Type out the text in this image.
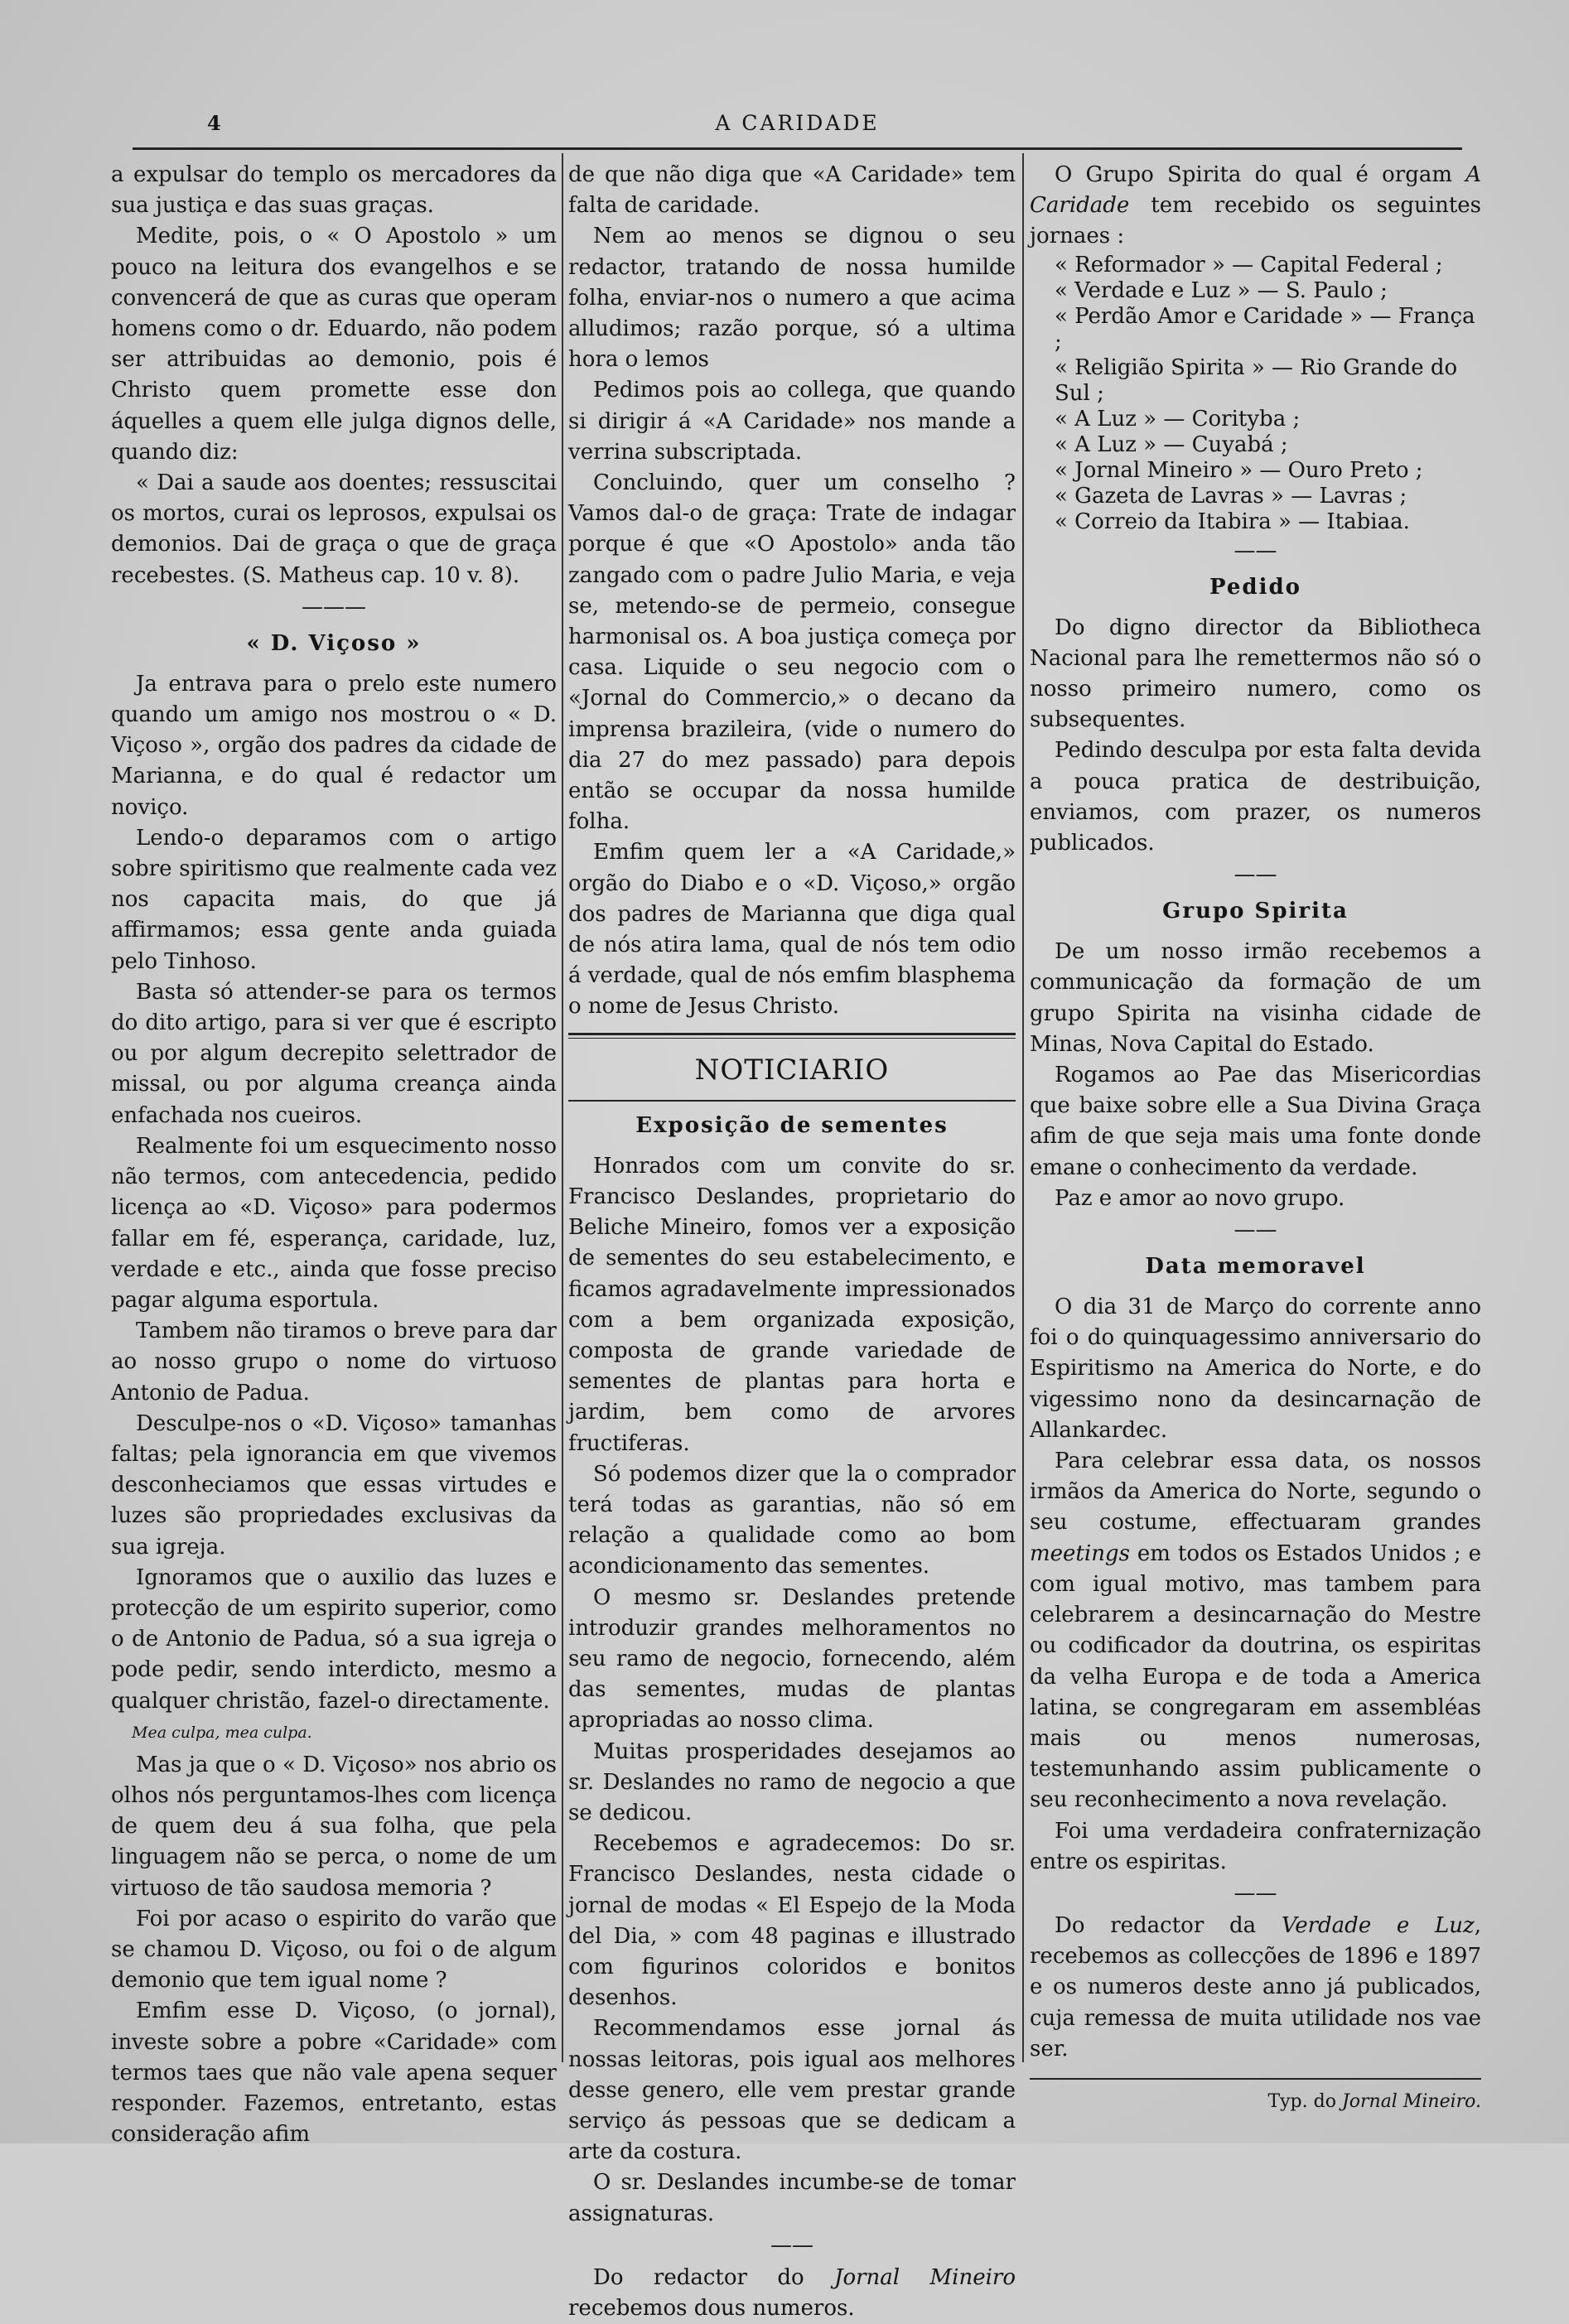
4	A CARIDADE

a expulsar do templo os mercadores da sua justiça e das suas graças.

Medite, pois, o « O Apostolo » um pouco na leitura dos evangelhos e se convencerá de que as curas que operam homens como o dr. Eduardo, não podem ser attribuidas ao demonio, pois é Christo quem promette esse don áquelles a quem elle julga dignos delle, quando diz:

« Dai a saude aos doentes; ressuscitai os mortos, curai os leprosos, expulsai os demonios. Dai de graça o que de graça recebestes. (S. Matheus cap. 10 v. 8).

———
« D. Viçoso »

Ja entrava para o prelo este numero quando um amigo nos mostrou o « D. Viçoso », orgão dos padres da cidade de Marianna, e do qual é redactor um noviço.

Lendo-o deparamos com o artigo sobre spiritismo que realmente cada vez nos capacita mais, do que já affirmamos; essa gente anda guiada pelo Tinhoso.

Basta só attender-se para os termos do dito artigo, para si ver que é escripto ou por algum decrepito selettrador de missal, ou por alguma creança ainda enfachada nos cueiros.

Realmente foi um esquecimento nosso não termos, com antecedencia, pedido licença ao «D. Viçoso» para podermos fallar em fé, esperança, caridade, luz, verdade e etc., ainda que fosse preciso pagar alguma esportula.

Tambem não tiramos o breve para dar ao nosso grupo o nome do virtuoso Antonio de Padua.

Desculpe-nos o «D. Viçoso» tamanhas faltas; pela ignorancia em que vivemos desconheciamos que essas virtudes e luzes são propriedades exclusivas da sua igreja.

Ignoramos que o auxilio das luzes e protecção de um espirito superior, como o de Antonio de Padua, só a sua igreja o pode pedir, sendo interdicto, mesmo a qualquer christão, fazel-o directamente.

Mea culpa, mea culpa.

Mas ja que o « D. Viçoso» nos abrio os olhos nós perguntamos-lhes com licença de quem deu á sua folha, que pela linguagem não se perca, o nome de um virtuoso de tão saudosa memoria ?

Foi por acaso o espirito do varão que se chamou D. Viçoso, ou foi o de algum demonio que tem igual nome ?

Emfim esse D. Viçoso, (o jornal), investe sobre a pobre «Caridade» com termos taes que não vale apena sequer responder. Fazemos, entretanto, estas consideração afim

de que não diga que «A Caridade» tem falta de caridade.

Nem ao menos se dignou o seu redactor, tratando de nossa humilde folha, enviar-nos o numero a que acima alludimos; razão porque, só a ultima hora o lemos

Pedimos pois ao collega, que quando si dirigir á «A Caridade» nos mande a verrina subscriptada.

Concluindo, quer um conselho ? Vamos dal-o de graça: Trate de indagar porque é que «O Apostolo» anda tão zangado com o padre Julio Maria, e veja se, metendo-se de permeio, consegue harmonisal os. A boa justiça começa por casa. Liquide o seu negocio com o «Jornal do Commercio,» o decano da imprensa brazileira, (vide o numero do dia 27 do mez passado) para depois então se occupar da nossa humilde folha.

Emfim quem ler a «A Caridade,» orgão do Diabo e o «D. Viçoso,» orgão dos padres de Marianna que diga qual de nós atira lama, qual de nós tem odio á verdade, qual de nós emfim blasphema o nome de Jesus Christo.

NOTICIARIO
Exposição de sementes

Honrados com um convite do sr. Francisco Deslandes, proprietario do Beliche Mineiro, fomos ver a exposição de sementes do seu estabelecimento, e ficamos agradavelmente impressionados com a bem organizada exposição, composta de grande variedade de sementes de plantas para horta e jardim, bem como de arvores fructiferas.

Só podemos dizer que la o comprador terá todas as garantias, não só em relação a qualidade como ao bom acondicionamento das sementes.

O mesmo sr. Deslandes pretende introduzir grandes melhoramentos no seu ramo de negocio, fornecendo, além das sementes, mudas de plantas apropriadas ao nosso clima.

Muitas prosperidades desejamos ao sr. Deslandes no ramo de negocio a que se dedicou.

Recebemos e agradecemos: Do sr. Francisco Deslandes, nesta cidade o jornal de modas « El Espejo de la Moda del Dia, » com 48 paginas e illustrado com figurinos coloridos e bonitos desenhos.

Recommendamos esse jornal ás nossas leitoras, pois igual aos melhores desse genero, elle vem prestar grande serviço ás pessoas que se dedicam a arte da costura.

O sr. Deslandes incumbe-se de tomar assignaturas.

——

Do redactor do Jornal Mineiro recebemos dous numeros.

O Grupo Spirita do qual é orgam A Caridade tem recebido os seguintes jornaes :

« Reformador » — Capital Federal ;
« Verdade e Luz » — S. Paulo ;
« Perdão Amor e Caridade » — França ;
« Religião Spirita » — Rio Grande do Sul ;
« A Luz » — Corityba ;
« A Luz » — Cuyabá ;
« Jornal Mineiro » — Ouro Preto ;
« Gazeta de Lavras » — Lavras ;
« Correio da Itabira » — Itabiaa.
——
Pedido

Do digno director da Bibliotheca Nacional para lhe remettermos não só o nosso primeiro numero, como os subsequentes.

Pedindo desculpa por esta falta devida a pouca pratica de destribuição, enviamos, com prazer, os numeros publicados.

——
Grupo Spirita

De um nosso irmão recebemos a communicação da formação de um grupo Spirita na visinha cidade de Minas, Nova Capital do Estado.

Rogamos ao Pae das Misericordias que baixe sobre elle a Sua Divina Graça afim de que seja mais uma fonte donde emane o conhecimento da verdade.

Paz e amor ao novo grupo.

——
Data memoravel

O dia 31 de Março do corrente anno foi o do quinquagessimo anniversario do Espiritismo na America do Norte, e do vigessimo nono da desincarnação de Allankardec.

Para celebrar essa data, os nossos irmãos da America do Norte, segundo o seu costume, effectuaram grandes meetings em todos os Estados Unidos ; e com igual motivo, mas tambem para celebrarem a desincarnação do Mestre ou codificador da doutrina, os espiritas da velha Europa e de toda a America latina, se congregaram em assembléas mais ou menos numerosas, testemunhando assim publicamente o seu reconhecimento a nova revelação.

Foi uma verdadeira confraternização entre os espiritas.

——

Do redactor da Verdade e Luz, recebemos as collecções de 1896 e 1897 e os numeros deste anno já publicados, cuja remessa de muita utilidade nos vae ser.

Typ. do Jornal Mineiro.
